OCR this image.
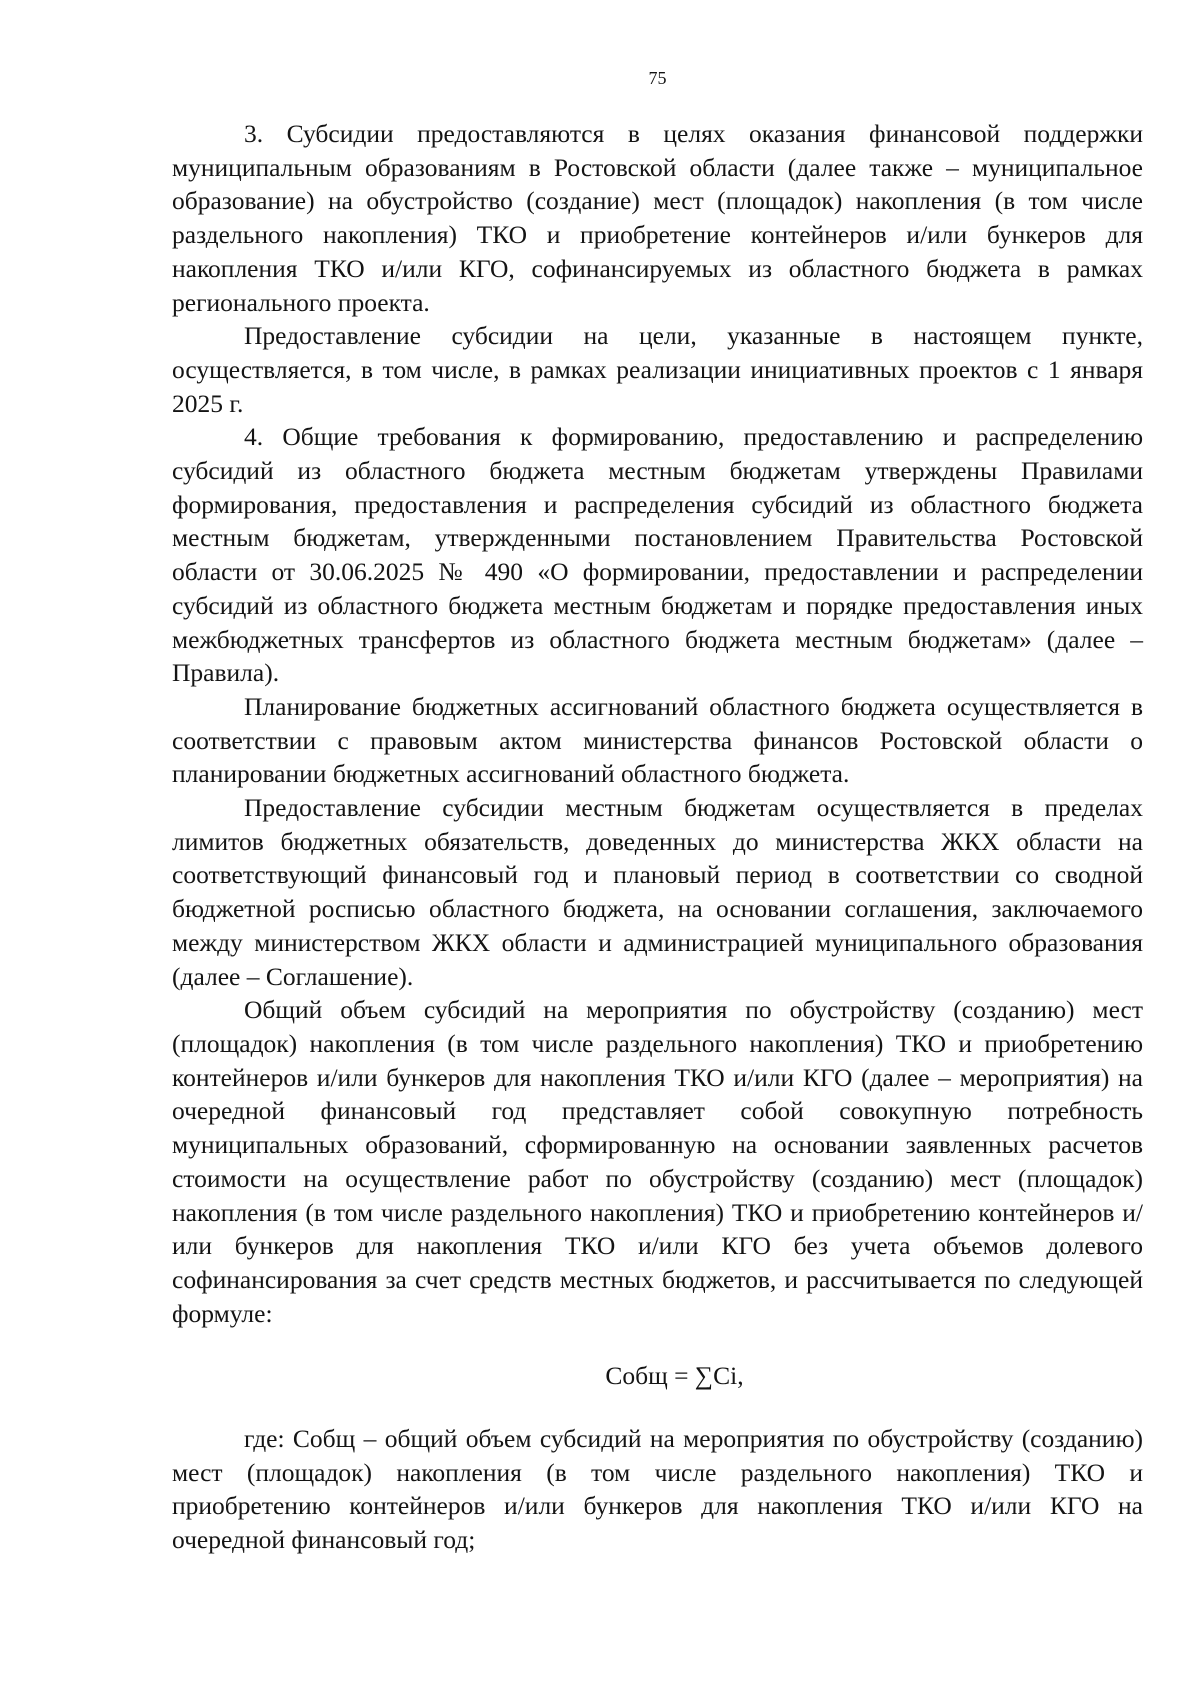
75

3. Субсидии предоставляются в целях оказания финансовой поддержки муниципальным образованиям в Ростовской области (далее также – муниципальное образование) на обустройство (создание) мест (площадок) накопления (в том числе раздельного накопления) ТКО и приобретение контейнеров и/или бункеров для накопления ТКО и/или КГО, софинансируемых из областного бюджета в рамках регионального проекта.

Предоставление субсидии на цели, указанные в настоящем пункте, осуществляется, в том числе, в рамках реализации инициативных проектов с 1 января 2025 г.

4. Общие требования к формированию, предоставлению и распределению субсидий из областного бюджета местным бюджетам утверждены Правилами формирования, предоставления и распределения субсидий из областного бюджета местным бюджетам, утвержденными постановлением Правительства Ростовской области от 30.06.2025 № 490 «О формировании, предоставлении и распределении субсидий из областного бюджета местным бюджетам и порядке предоставления иных межбюджетных трансфертов из областного бюджета местным бюджетам» (далее – Правила).

Планирование бюджетных ассигнований областного бюджета осуществляется в соответствии с правовым актом министерства финансов Ростовской области о планировании бюджетных ассигнований областного бюджета.

Предоставление субсидии местным бюджетам осуществляется в пределах лимитов бюджетных обязательств, доведенных до министерства ЖКХ области на соответствующий финансовый год и плановый период в соответствии со сводной бюджетной росписью областного бюджета, на основании соглашения, заключаемого между министерством ЖКХ области и администрацией муниципального образования (далее – Соглашение).

Общий объем субсидий на мероприятия по обустройству (созданию) мест (площадок) накопления (в том числе раздельного накопления) ТКО и приобретению контейнеров и/или бункеров для накопления ТКО и/или КГО (далее – мероприятия) на очередной финансовый год представляет собой совокупную потребность муниципальных образований, сформированную на основании заявленных расчетов стоимости на осуществление работ по обустройству (созданию) мест (площадок) накопления (в том числе раздельного накопления) ТКО и приобретению контейнеров и/или бункеров для накопления ТКО и/или КГО без учета объемов долевого софинансирования за счет средств местных бюджетов, и рассчитывается по следующей формуле:

Собщ = ∑Ci,

где: Собщ – общий объем субсидий на мероприятия по обустройству (созданию) мест (площадок) накопления (в том числе раздельного накопления) ТКО и приобретению контейнеров и/или бункеров для накопления ТКО и/или КГО на очередной финансовый год;
